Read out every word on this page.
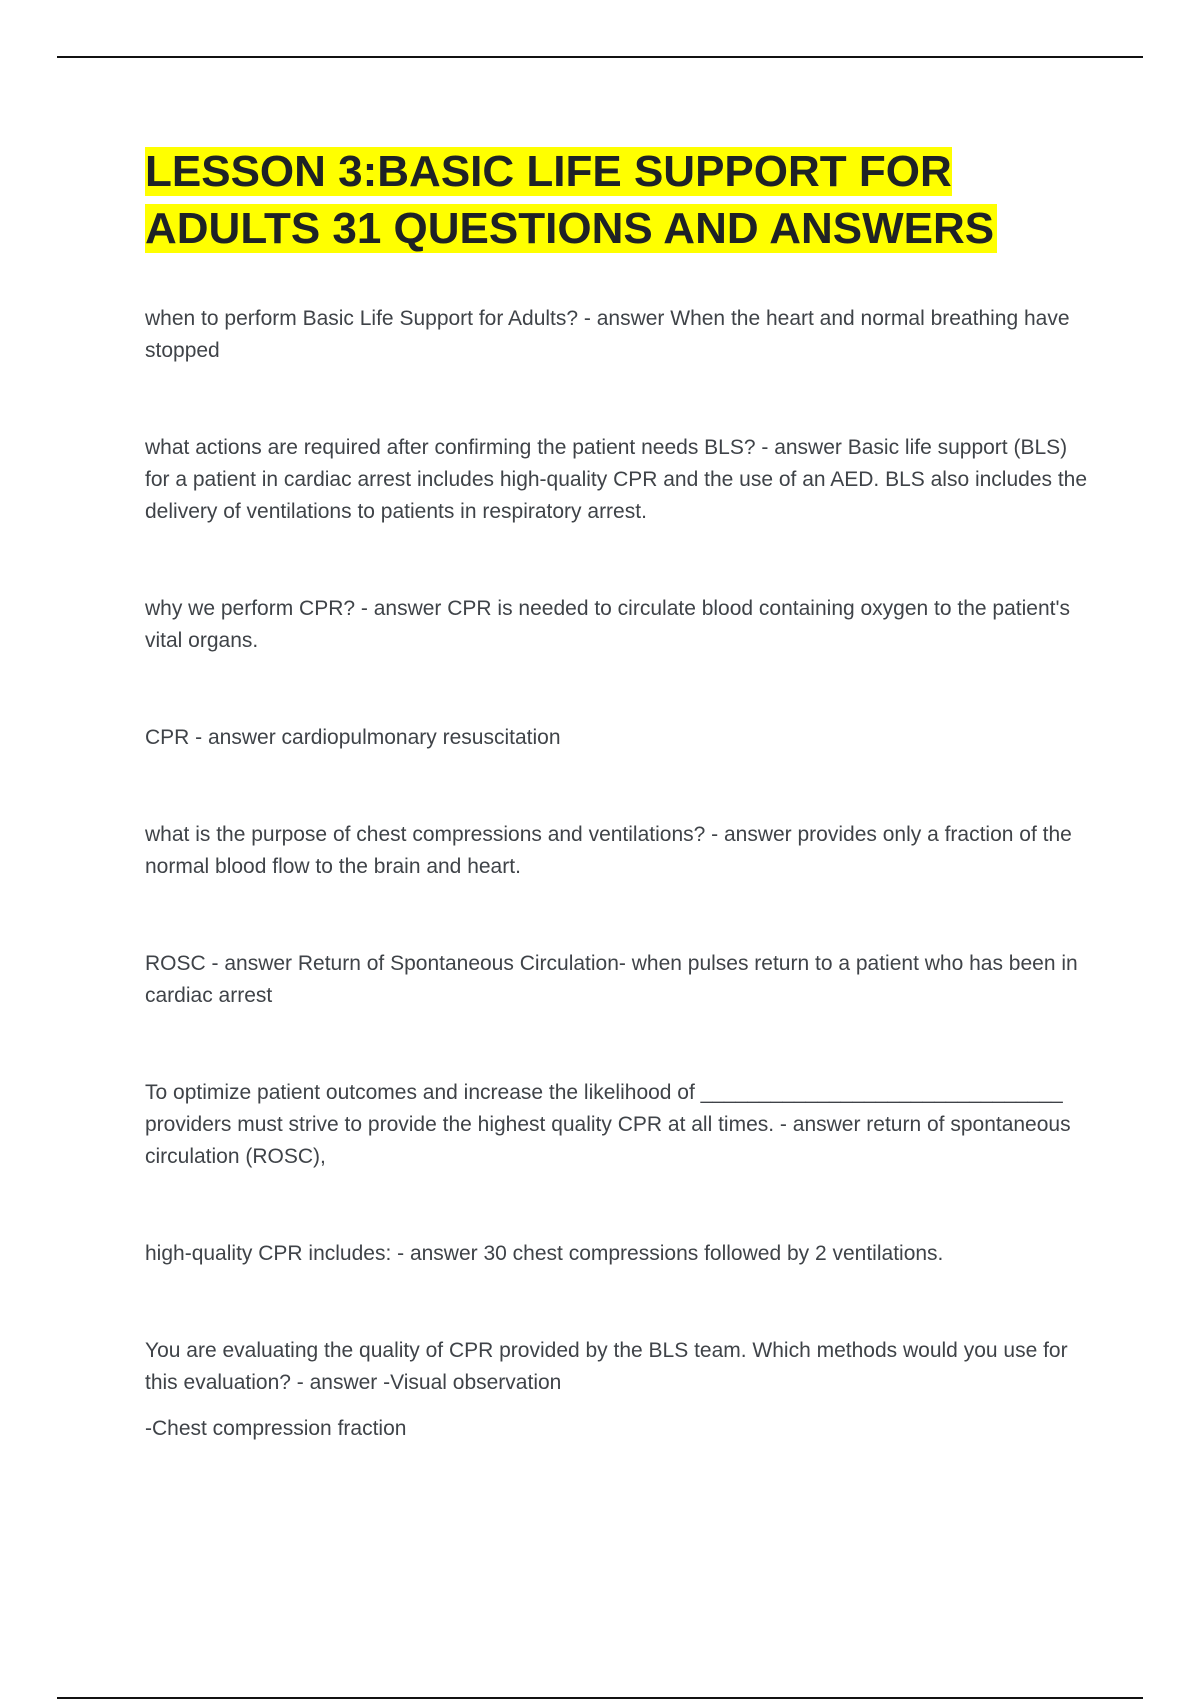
LESSON 3:BASIC LIFE SUPPORT FOR ADULTS 31 QUESTIONS AND ANSWERS

when to perform Basic Life Support for Adults? - answer When the heart and normal breathing have stopped

what actions are required after confirming the patient needs BLS? - answer Basic life support (BLS) for a patient in cardiac arrest includes high-quality CPR and the use of an AED. BLS also includes the delivery of ventilations to patients in respiratory arrest.

why we perform CPR? - answer CPR is needed to circulate blood containing oxygen to the patient's vital organs.

CPR - answer cardiopulmonary resuscitation

what is the purpose of chest compressions and ventilations? - answer provides only a fraction of the normal blood flow to the brain and heart.

ROSC - answer Return of Spontaneous Circulation- when pulses return to a patient who has been in cardiac arrest

To optimize patient outcomes and increase the likelihood of _______________________________ providers must strive to provide the highest quality CPR at all times. - answer return of spontaneous circulation (ROSC),

high-quality CPR includes: - answer 30 chest compressions followed by 2 ventilations.

You are evaluating the quality of CPR provided by the BLS team. Which methods would you use for this evaluation? - answer -Visual observation

-Chest compression fraction
